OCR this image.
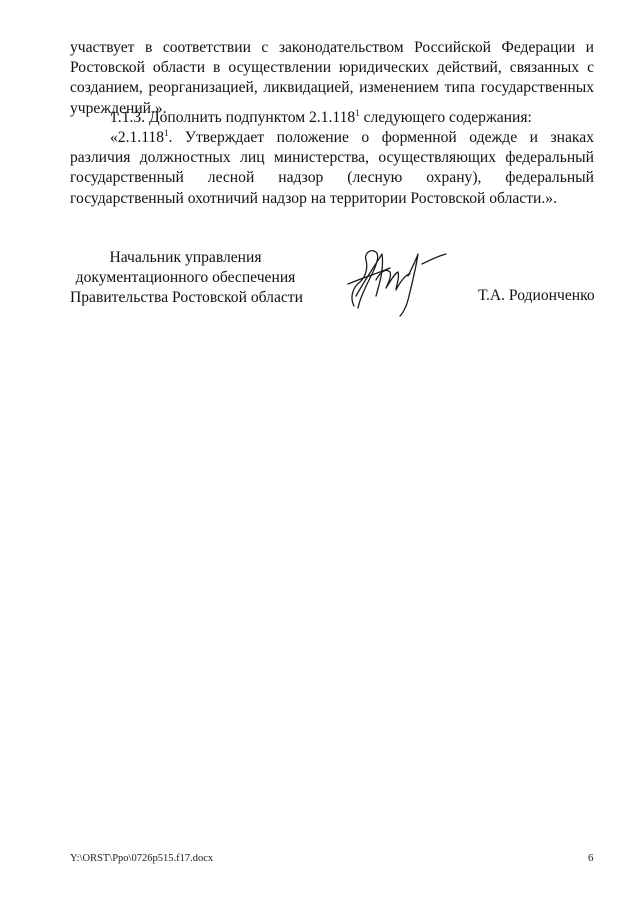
участвует в соответствии с законодательством Российской Федерации и Ростовской области в осуществлении юридических действий, связанных с созданием, реорганизацией, ликвидацией, изменением типа государственных учреждений.».

1.1.3. Дополнить подпунктом 2.1.118$^1$ следующего содержания:

«2.1.118$^1$. Утверждает положение о форменной одежде и знаках различия должностных лиц министерства, осуществляющих федеральный государственный лесной надзор (лесную охрану), федеральный государственный охотничий надзор на территории Ростовской области.».

Начальник управления
документационного обеспечения
Правительства Ростовской области	Т.А. Родионченко

Y:\ORST\Ppo\0726p515.f17.docx	6
